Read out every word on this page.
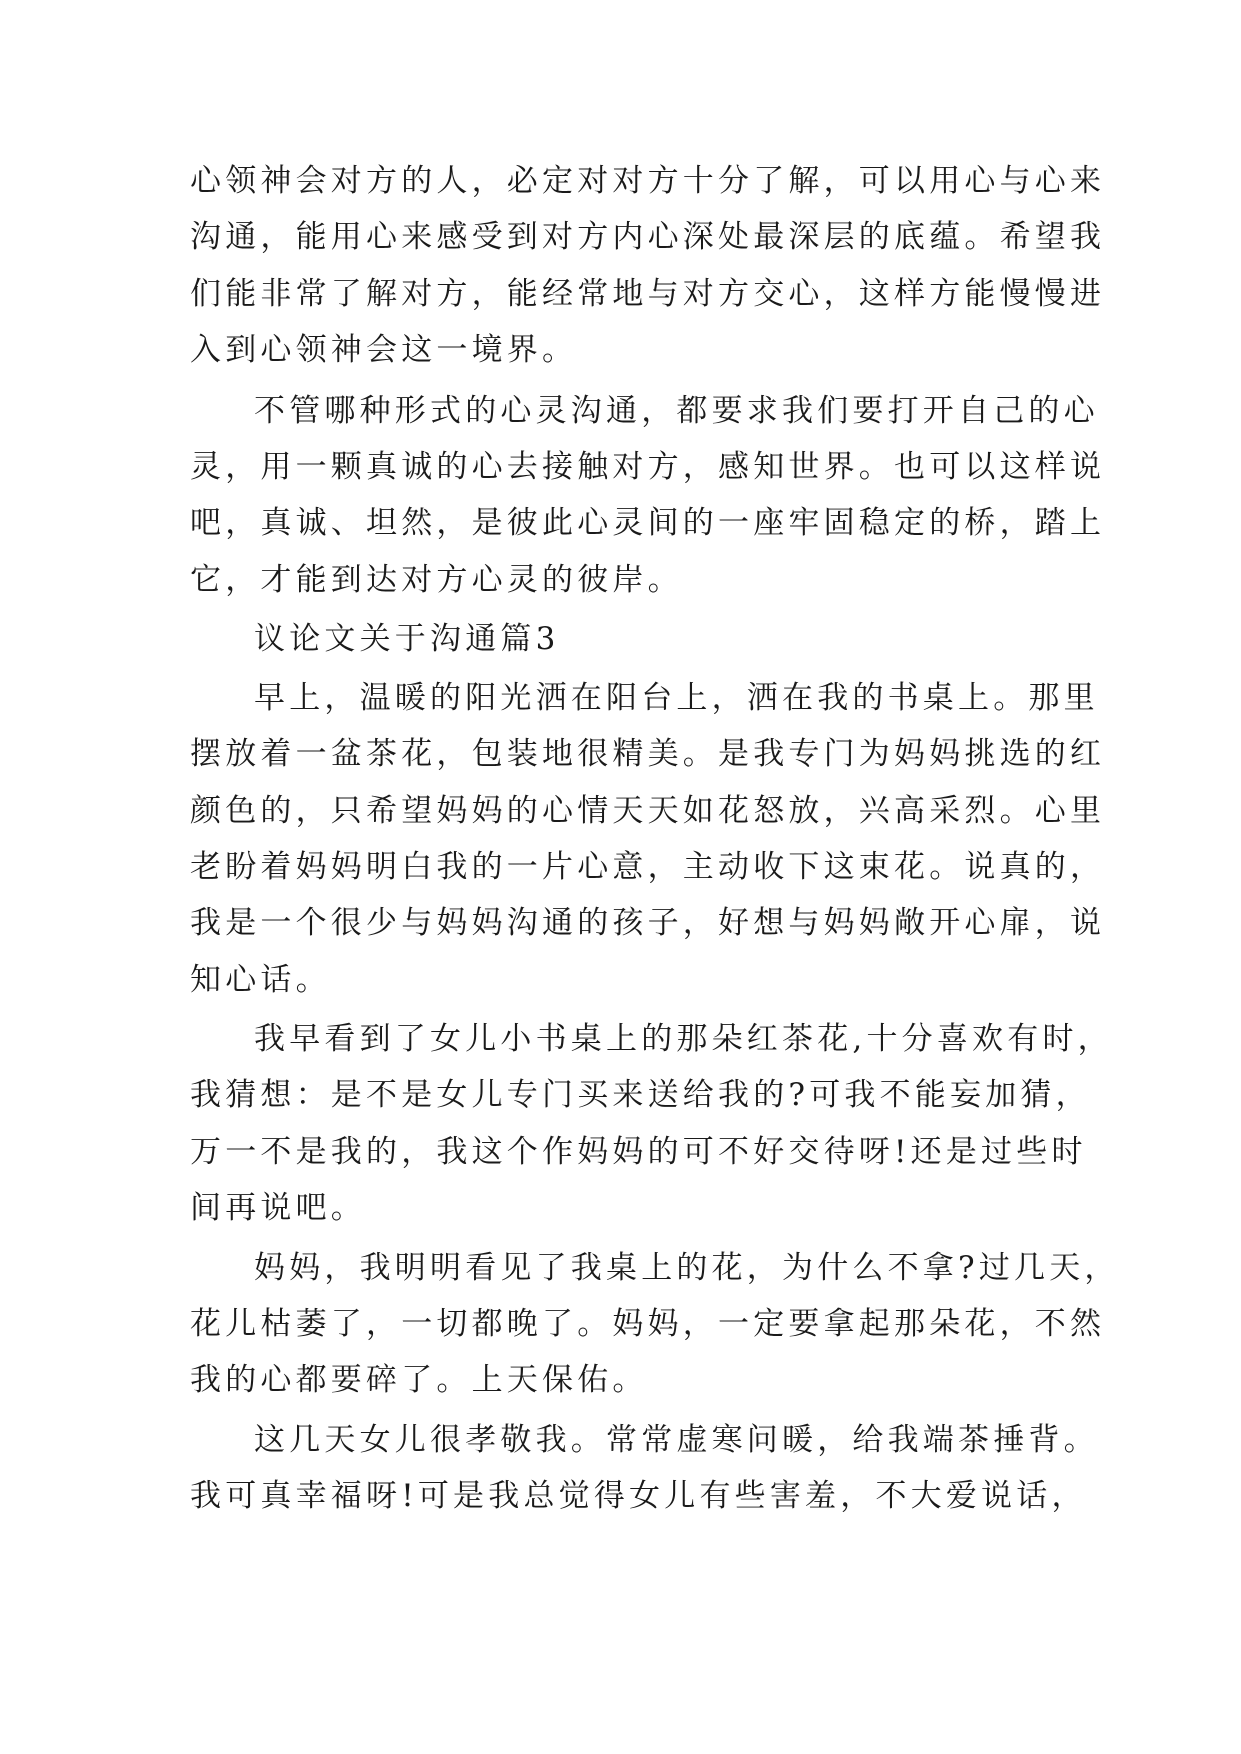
心领神会对方的人，必定对对方十分了解，可以用心与心来
沟通，能用心来感受到对方内心深处最深层的底蕴。希望我
们能非常了解对方，能经常地与对方交心，这样方能慢慢进
入到心领神会这一境界。
不管哪种形式的心灵沟通，都要求我们要打开自己的心
灵，用一颗真诚的心去接触对方，感知世界。也可以这样说
吧，真诚、坦然，是彼此心灵间的一座牢固稳定的桥，踏上
它，才能到达对方心灵的彼岸。
议论文关于沟通篇3
早上，温暖的阳光洒在阳台上，洒在我的书桌上。那里
摆放着一盆茶花，包装地很精美。是我专门为妈妈挑选的红
颜色的，只希望妈妈的心情天天如花怒放，兴高采烈。心里
老盼着妈妈明白我的一片心意，主动收下这束花。说真的，
我是一个很少与妈妈沟通的孩子，好想与妈妈敞开心扉，说
知心话。
我早看到了女儿小书桌上的那朵红茶花,十分喜欢有时，
我猜想：是不是女儿专门买来送给我的?可我不能妄加猜，
万一不是我的，我这个作妈妈的可不好交待呀!还是过些时
间再说吧。
妈妈，我明明看见了我桌上的花，为什么不拿?过几天，
花儿枯萎了，一切都晚了。妈妈，一定要拿起那朵花，不然
我的心都要碎了。上天保佑。
这几天女儿很孝敬我。常常虚寒问暖，给我端茶捶背。
我可真幸福呀!可是我总觉得女儿有些害羞，不大爱说话，
